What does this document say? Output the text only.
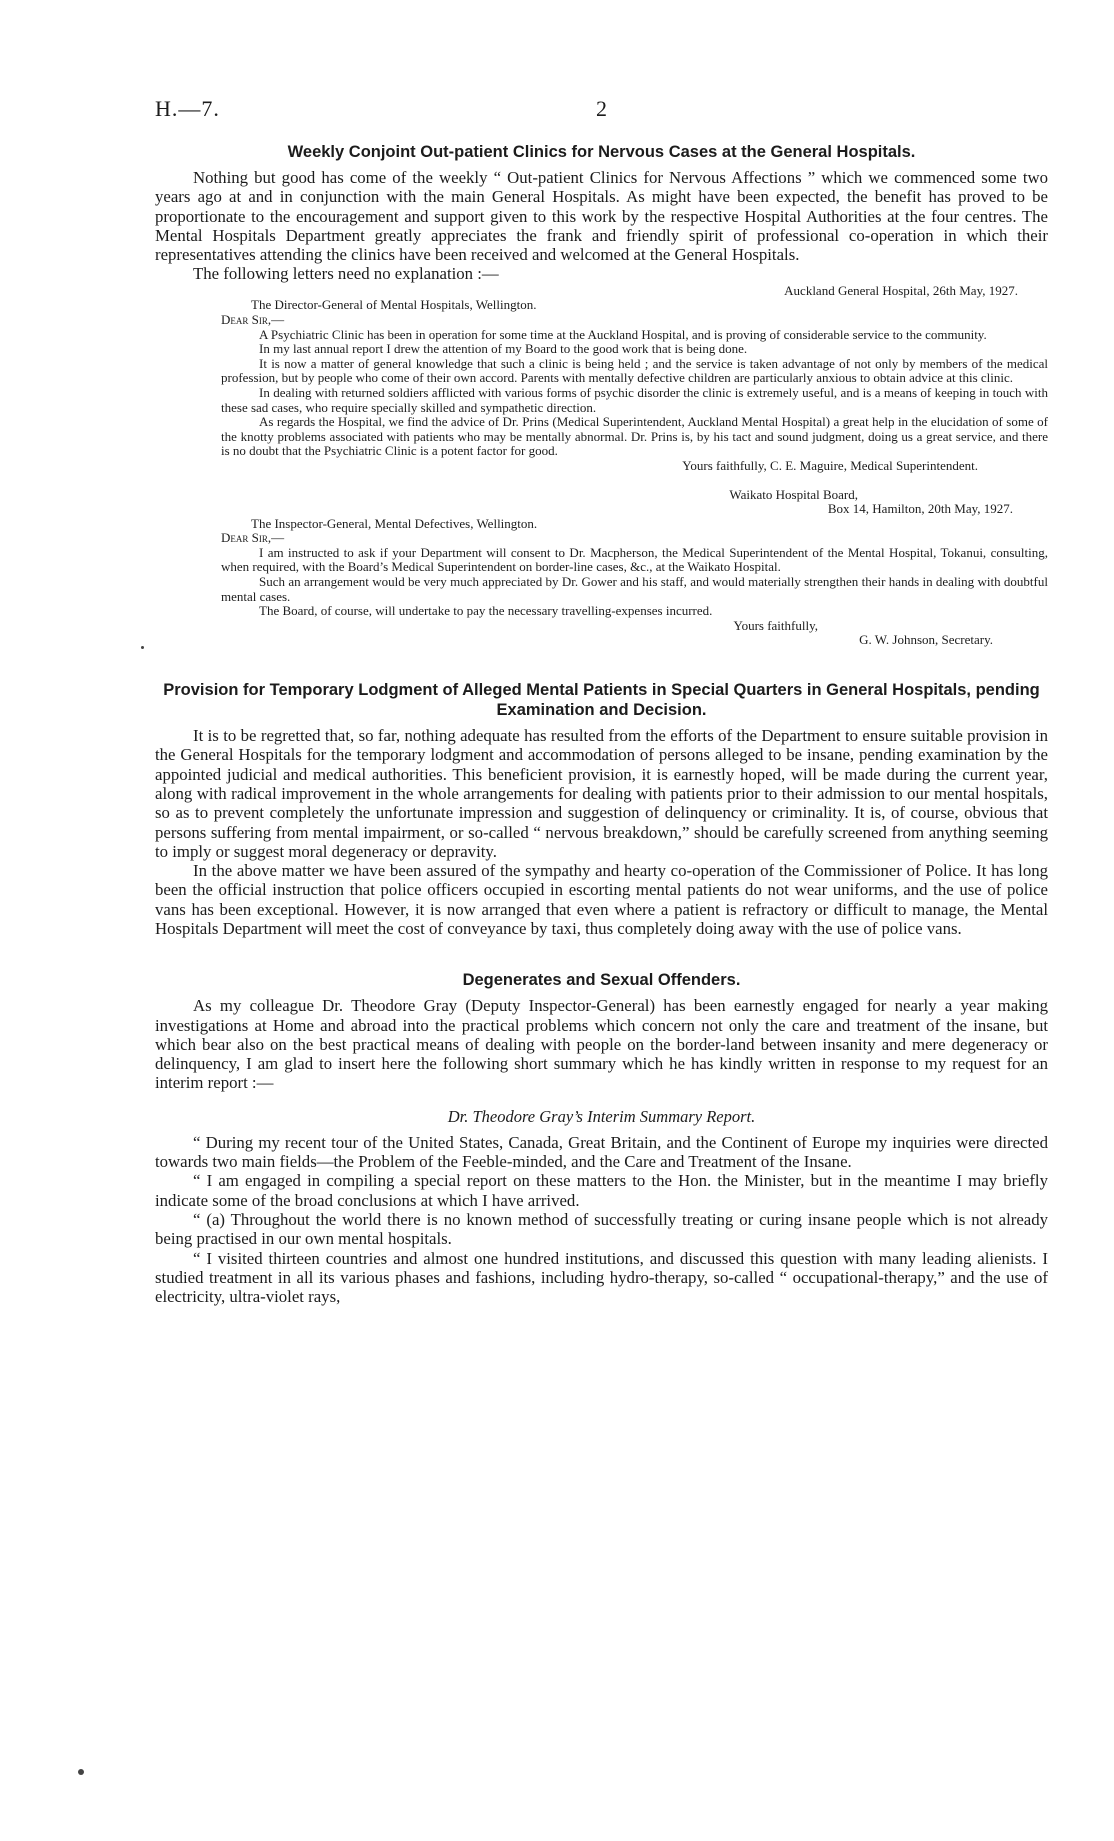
H.—7.	2
Weekly Conjoint Out-patient Clinics for Nervous Cases at the General Hospitals.

Nothing but good has come of the weekly “ Out-patient Clinics for Nervous Affections ” which we commenced some two years ago at and in conjunction with the main General Hospitals. As might have been expected, the benefit has proved to be proportionate to the encouragement and support given to this work by the respective Hospital Authorities at the four centres. The Mental Hospitals Department greatly appreciates the frank and friendly spirit of professional co-operation in which their representatives attending the clinics have been received and welcomed at the General Hospitals.

The following letters need no explanation :—

Auckland General Hospital, 26th May, 1927.

The Director-General of Mental Hospitals, Wellington.

Dear Sir,—

A Psychiatric Clinic has been in operation for some time at the Auckland Hospital, and is proving of considerable service to the community.

In my last annual report I drew the attention of my Board to the good work that is being done.

It is now a matter of general knowledge that such a clinic is being held ; and the service is taken advantage of not only by members of the medical profession, but by people who come of their own accord. Parents with mentally defective children are particularly anxious to obtain advice at this clinic.

In dealing with returned soldiers afflicted with various forms of psychic disorder the clinic is extremely useful, and is a means of keeping in touch with these sad cases, who require specially skilled and sympathetic direction.

As regards the Hospital, we find the advice of Dr. Prins (Medical Superintendent, Auckland Mental Hospital) a great help in the elucidation of some of the knotty problems associated with patients who may be mentally abnormal. Dr. Prins is, by his tact and sound judgment, doing us a great service, and there is no doubt that the Psychiatric Clinic is a potent factor for good.

Yours faithfully, C. E. Maguire, Medical Superintendent.

Waikato Hospital Board,

Box 14, Hamilton, 20th May, 1927.

The Inspector-General, Mental Defectives, Wellington.

Dear Sir,—

I am instructed to ask if your Department will consent to Dr. Macpherson, the Medical Superintendent of the Mental Hospital, Tokanui, consulting, when required, with the Board’s Medical Superintendent on border-line cases, &c., at the Waikato Hospital.

Such an arrangement would be very much appreciated by Dr. Gower and his staff, and would materially strengthen their hands in dealing with doubtful mental cases.

The Board, of course, will undertake to pay the necessary travelling-expenses incurred.

Yours faithfully,

G. W. Johnson, Secretary.

Provision for Temporary Lodgment of Alleged Mental Patients in Special Quarters in General Hospitals, pending Examination and Decision.

It is to be regretted that, so far, nothing adequate has resulted from the efforts of the Department to ensure suitable provision in the General Hospitals for the temporary lodgment and accommodation of persons alleged to be insane, pending examination by the appointed judicial and medical authorities. This beneficient provision, it is earnestly hoped, will be made during the current year, along with radical improvement in the whole arrangements for dealing with patients prior to their admission to our mental hospitals, so as to prevent completely the unfortunate impression and suggestion of delinquency or criminality. It is, of course, obvious that persons suffering from mental impairment, or so-called “ nervous breakdown,” should be carefully screened from anything seeming to imply or suggest moral degeneracy or depravity.

In the above matter we have been assured of the sympathy and hearty co-operation of the Commissioner of Police. It has long been the official instruction that police officers occupied in escorting mental patients do not wear uniforms, and the use of police vans has been exceptional. However, it is now arranged that even where a patient is refractory or difficult to manage, the Mental Hospitals Department will meet the cost of conveyance by taxi, thus completely doing away with the use of police vans.

Degenerates and Sexual Offenders.

As my colleague Dr. Theodore Gray (Deputy Inspector-General) has been earnestly engaged for nearly a year making investigations at Home and abroad into the practical problems which concern not only the care and treatment of the insane, but which bear also on the best practical means of dealing with people on the border-land between insanity and mere degeneracy or delinquency, I am glad to insert here the following short summary which he has kindly written in response to my request for an interim report :—

Dr. Theodore Gray’s Interim Summary Report.

“ During my recent tour of the United States, Canada, Great Britain, and the Continent of Europe my inquiries were directed towards two main fields—the Problem of the Feeble-minded, and the Care and Treatment of the Insane.

“ I am engaged in compiling a special report on these matters to the Hon. the Minister, but in the meantime I may briefly indicate some of the broad conclusions at which I have arrived.

“ (a) Throughout the world there is no known method of successfully treating or curing insane people which is not already being practised in our own mental hospitals.

“ I visited thirteen countries and almost one hundred institutions, and discussed this question with many leading alienists. I studied treatment in all its various phases and fashions, including hydro-therapy, so-called “ occupational-therapy,” and the use of electricity, ultra-violet rays,
